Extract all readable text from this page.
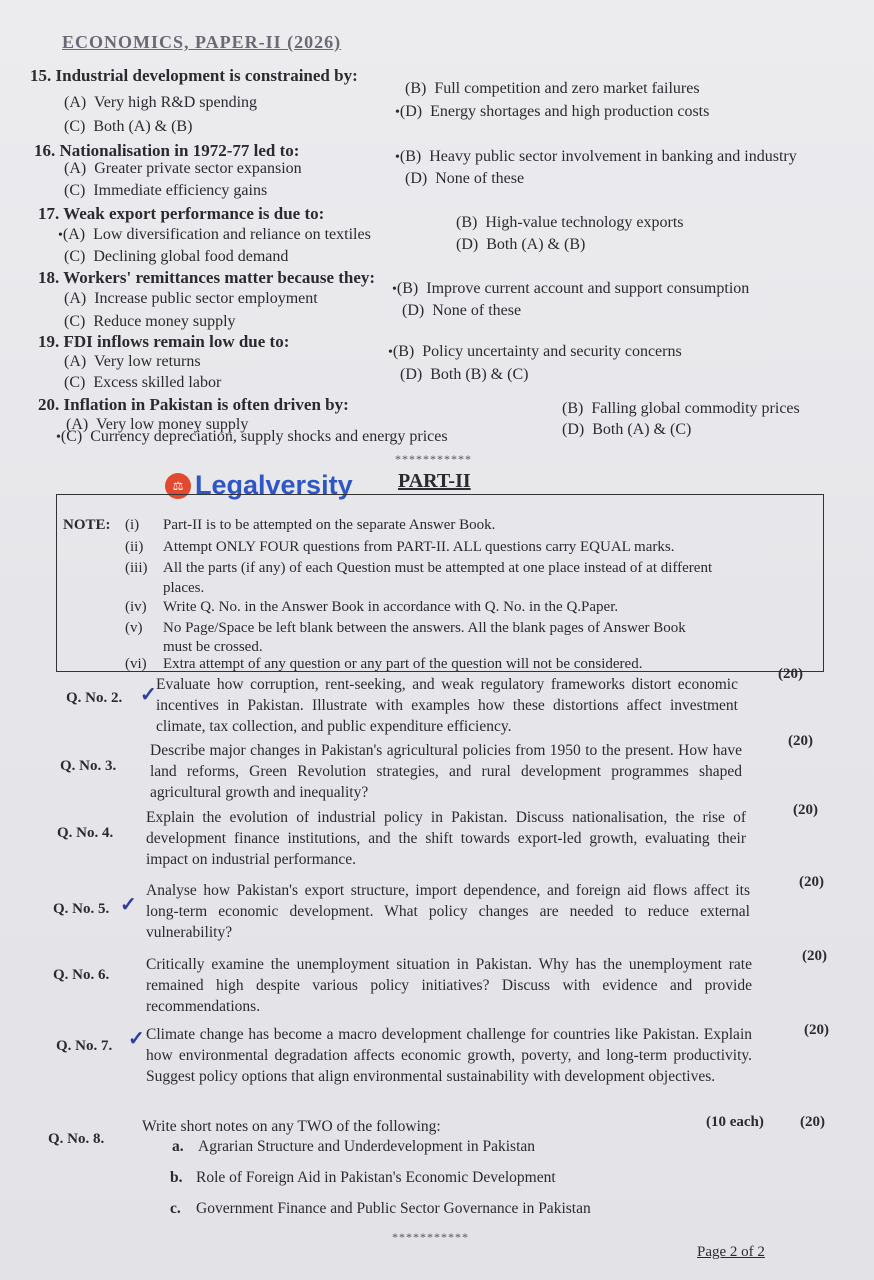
ECONOMICS, PAPER-II (2026)
15. Industrial development is constrained by:
(A) Very high R&D spending
(C) Both (A) & (B)
(B) Full competition and zero market failures
•(D) Energy shortages and high production costs
16. Nationalisation in 1972-77 led to:
(A) Greater private sector expansion
(C) Immediate efficiency gains
•(B) Heavy public sector involvement in banking and industry
(D) None of these
17. Weak export performance is due to:
•(A) Low diversification and reliance on textiles
(C) Declining global food demand
(B) High-value technology exports
(D) Both (A) & (B)
18. Workers' remittances matter because they:
(A) Increase public sector employment
(C) Reduce money supply
•(B) Improve current account and support consumption
(D) None of these
19. FDI inflows remain low due to:
(A) Very low returns
(C) Excess skilled labor
•(B) Policy uncertainty and security concerns
(D) Both (B) & (C)
20. Inflation in Pakistan is often driven by:
(A) Very low money supply
•(C) Currency depreciation, supply shocks and energy prices
(B) Falling global commodity prices
(D) Both (A) & (C)
***********
⚖ Legalversity PART-II
NOTE: (i) Part-II is to be attempted on the separate Answer Book.
(ii) Attempt ONLY FOUR questions from PART-II. ALL questions carry EQUAL marks.
(iii) All the parts (if any) of each Question must be attempted at one place instead of at different
places.
(iv) Write Q. No. in the Answer Book in accordance with Q. No. in the Q.Paper.
(v) No Page/Space be left blank between the answers. All the blank pages of Answer Book
must be crossed.
(vi) Extra attempt of any question or any part of the question will not be considered.
Q. No. 2. ✓ Evaluate how corruption, rent-seeking, and weak regulatory frameworks distort economic incentives in Pakistan. Illustrate with examples how these distortions affect investment climate, tax collection, and public expenditure efficiency.
(20)
Q. No. 3.
Describe major changes in Pakistan's agricultural policies from 1950 to the present. How have land reforms, Green Revolution strategies, and rural development programmes shaped agricultural growth and inequality?
(20)
Q. No. 4.
Explain the evolution of industrial policy in Pakistan. Discuss nationalisation, the rise of development finance institutions, and the shift towards export-led growth, evaluating their impact on industrial performance.
(20)
Q. No. 5. ✓
Analyse how Pakistan's export structure, import dependence, and foreign aid flows affect its long-term economic development. What policy changes are needed to reduce external vulnerability?
(20)
Q. No. 6.
Critically examine the unemployment situation in Pakistan. Why has the unemployment rate remained high despite various policy initiatives? Discuss with evidence and provide recommendations.
(20)
Q. No. 7. ✓ Climate change has become a macro development challenge for countries like Pakistan. Explain how environmental degradation affects economic growth, poverty, and long-term productivity. Suggest policy options that align environmental sustainability with development objectives.
(20)
Q. No. 8.
Write short notes on any TWO of the following:	(10 each) (20)
a. Agrarian Structure and Underdevelopment in Pakistan
b. Role of Foreign Aid in Pakistan's Economic Development
c. Government Finance and Public Sector Governance in Pakistan
***********
Page 2 of 2
